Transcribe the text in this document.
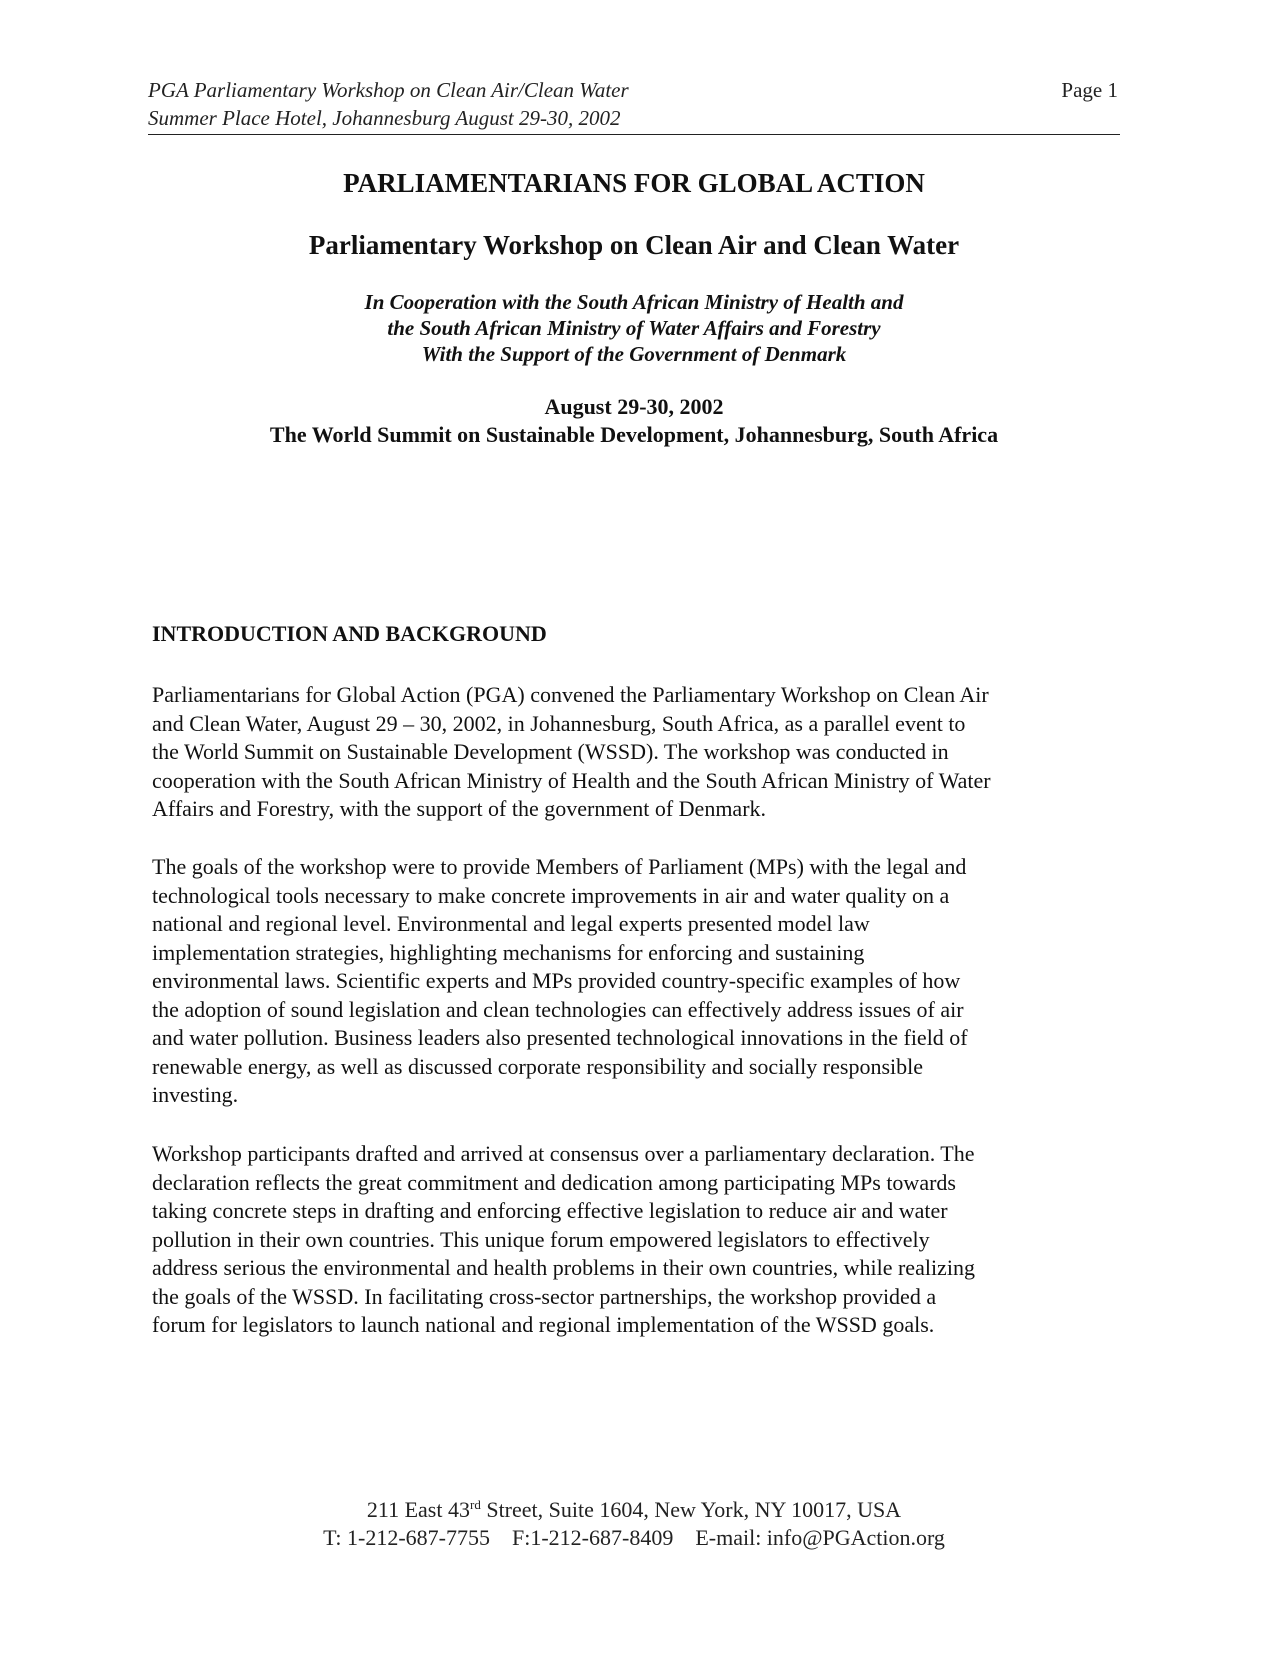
PGA Parliamentary Workshop on Clean Air/Clean Water
Summer Place Hotel, Johannesburg August 29-30, 2002
Page 1
PARLIAMENTARIANS FOR GLOBAL ACTION
Parliamentary Workshop on Clean Air and Clean Water
In Cooperation with the South African Ministry of Health and
the South African Ministry of Water Affairs and Forestry
With the Support of the Government of Denmark
August 29-30, 2002
The World Summit on Sustainable Development, Johannesburg, South Africa
INTRODUCTION AND BACKGROUND
Parliamentarians for Global Action (PGA) convened the Parliamentary Workshop on Clean Air
and Clean Water, August 29 – 30, 2002, in Johannesburg, South Africa, as a parallel event to
the World Summit on Sustainable Development (WSSD). The workshop was conducted in
cooperation with the South African Ministry of Health and the South African Ministry of Water
Affairs and Forestry, with the support of the government of Denmark.
The goals of the workshop were to provide Members of Parliament (MPs) with the legal and
technological tools necessary to make concrete improvements in air and water quality on a
national and regional level. Environmental and legal experts presented model law
implementation strategies, highlighting mechanisms for enforcing and sustaining
environmental laws. Scientific experts and MPs provided country-specific examples of how
the adoption of sound legislation and clean technologies can effectively address issues of air
and water pollution. Business leaders also presented technological innovations in the field of
renewable energy, as well as discussed corporate responsibility and socially responsible
investing.
Workshop participants drafted and arrived at consensus over a parliamentary declaration. The
declaration reflects the great commitment and dedication among participating MPs towards
taking concrete steps in drafting and enforcing effective legislation to reduce air and water
pollution in their own countries. This unique forum empowered legislators to effectively
address serious the environmental and health problems in their own countries, while realizing
the goals of the WSSD. In facilitating cross-sector partnerships, the workshop provided a
forum for legislators to launch national and regional implementation of the WSSD goals.
211 East 43rd Street, Suite 1604, New York, NY 10017, USA
T: 1-212-687-7755 F:1-212-687-8409 E-mail: info@PGAction.org
